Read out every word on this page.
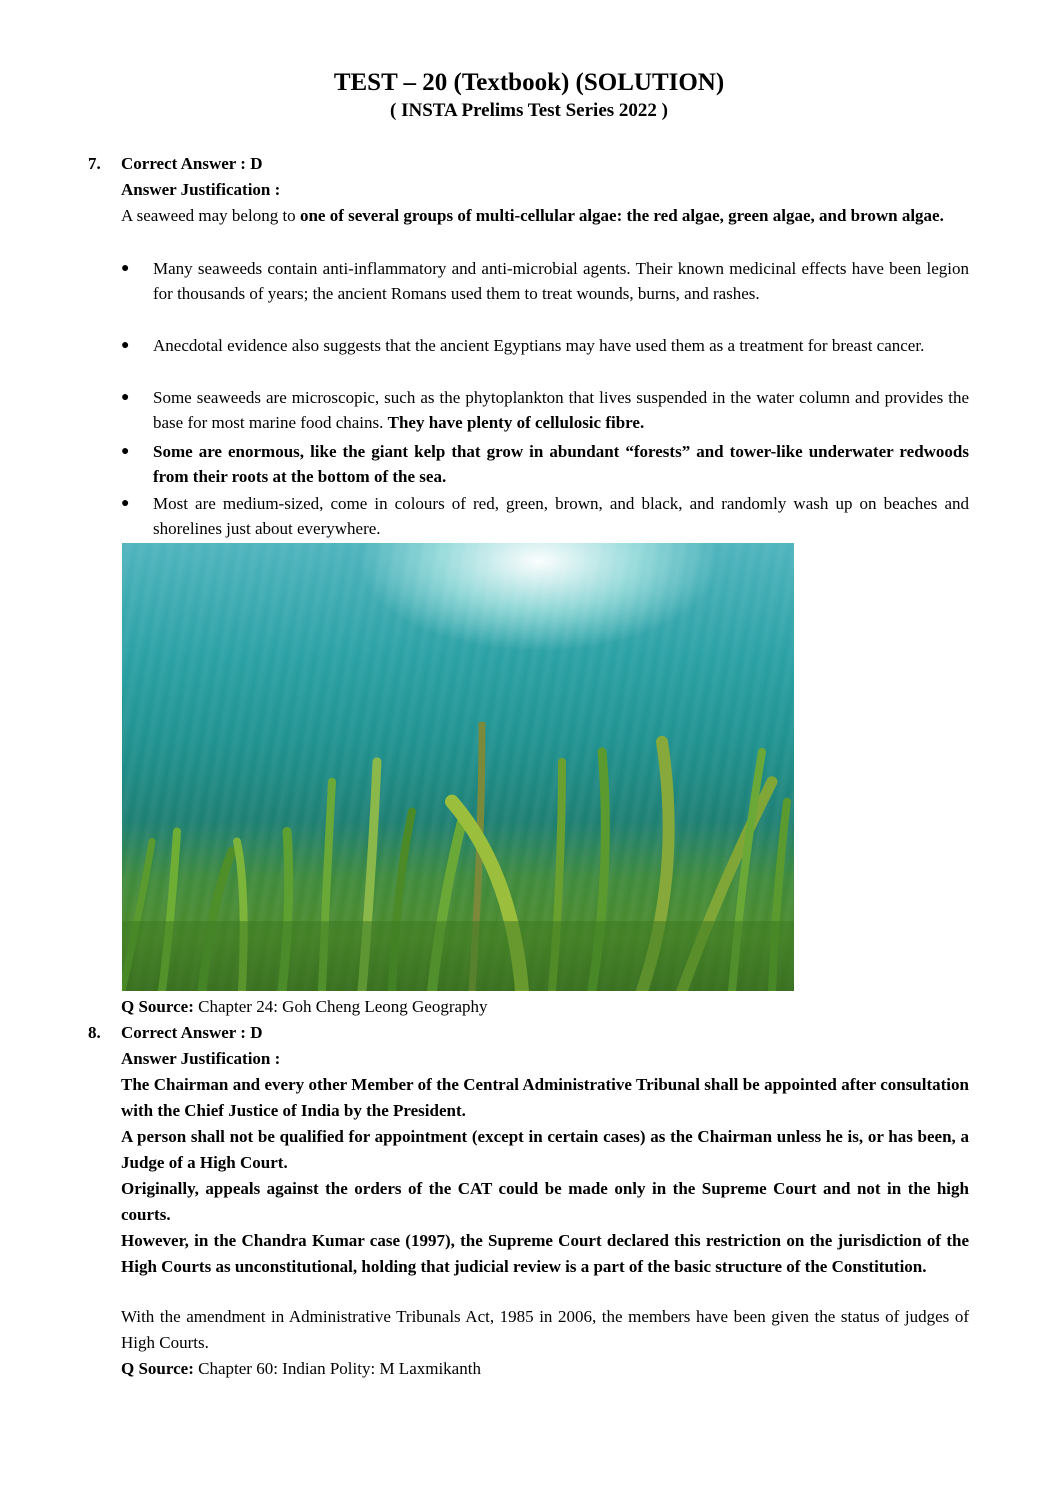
TEST – 20 (Textbook) (SOLUTION)
( INSTA Prelims Test Series 2022 )
7. Correct Answer : D
Answer Justification :
A seaweed may belong to one of several groups of multi-cellular algae: the red algae, green algae, and brown algae.
● Many seaweeds contain anti-inflammatory and anti-microbial agents. Their known medicinal effects have been legion for thousands of years; the ancient Romans used them to treat wounds, burns, and rashes.
● Anecdotal evidence also suggests that the ancient Egyptians may have used them as a treatment for breast cancer.
● Some seaweeds are microscopic, such as the phytoplankton that lives suspended in the water column and provides the base for most marine food chains. They have plenty of cellulosic fibre.
● Some are enormous, like the giant kelp that grow in abundant “forests” and tower-like underwater redwoods from their roots at the bottom of the sea.
● Most are medium-sized, come in colours of red, green, brown, and black, and randomly wash up on beaches and shorelines just about everywhere.
Q Source: Chapter 24: Goh Cheng Leong Geography
8. Correct Answer : D
Answer Justification :
The Chairman and every other Member of the Central Administrative Tribunal shall be appointed after consultation with the Chief Justice of India by the President.
A person shall not be qualified for appointment (except in certain cases) as the Chairman unless he is, or has been, a Judge of a High Court.
Originally, appeals against the orders of the CAT could be made only in the Supreme Court and not in the high courts.
However, in the Chandra Kumar case (1997), the Supreme Court declared this restriction on the jurisdiction of the High Courts as unconstitutional, holding that judicial review is a part of the basic structure of the Constitution.
With the amendment in Administrative Tribunals Act, 1985 in 2006, the members have been given the status of judges of High Courts.
Q Source: Chapter 60: Indian Polity: M Laxmikanth
